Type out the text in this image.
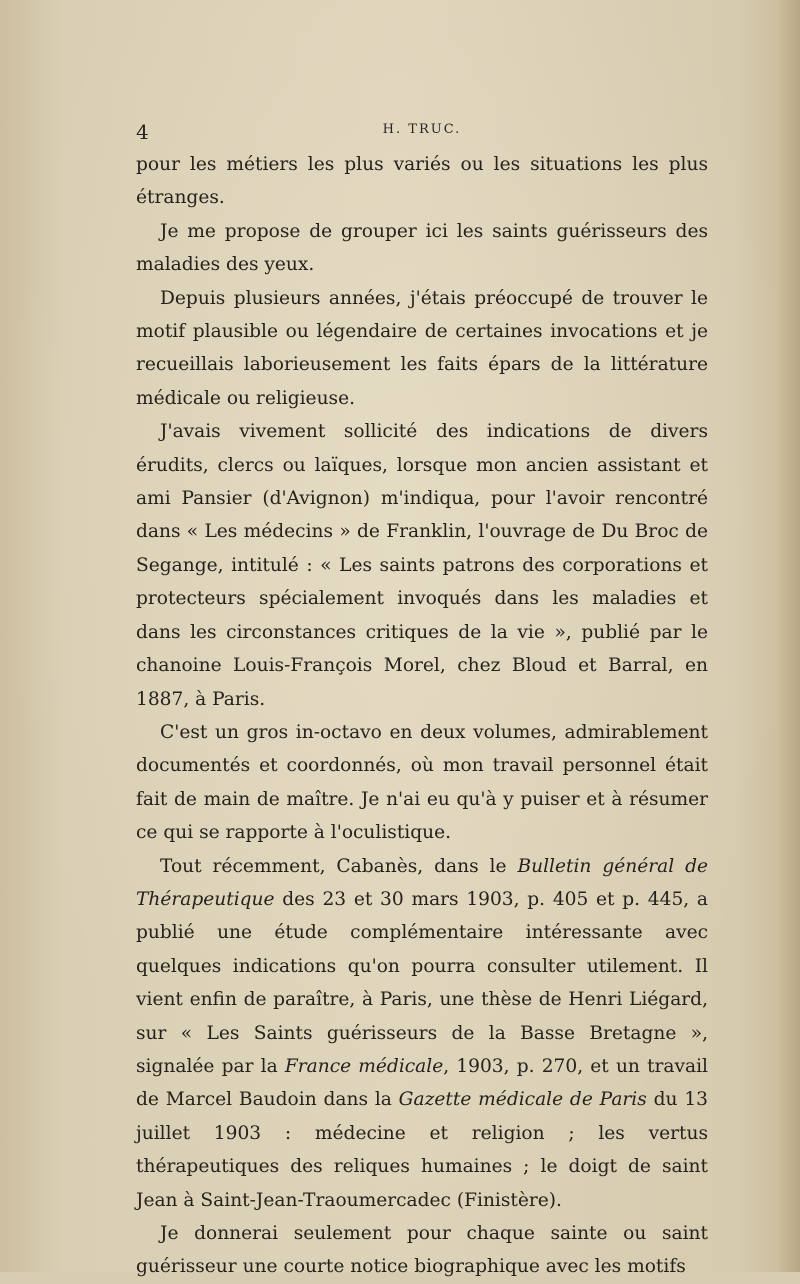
4	H. TRUC.

pour les métiers les plus variés ou les situations les plus étranges.

Je me propose de grouper ici les saints guérisseurs des maladies des yeux.

Depuis plusieurs années, j'étais préoccupé de trouver le motif plausible ou légendaire de certaines invocations et je recueillais laborieusement les faits épars de la littérature médicale ou religieuse.

J'avais vivement sollicité des indications de divers érudits, clercs ou laïques, lorsque mon ancien assistant et ami Pansier (d'Avignon) m'indiqua, pour l'avoir rencontré dans « Les médecins » de Franklin, l'ouvrage de Du Broc de Segange, intitulé : « Les saints patrons des corporations et protecteurs spécialement invoqués dans les maladies et dans les circonstances critiques de la vie », publié par le chanoine Louis-François Morel, chez Bloud et Barral, en 1887, à Paris.

C'est un gros in-octavo en deux volumes, admirablement documentés et coordonnés, où mon travail personnel était fait de main de maître. Je n'ai eu qu'à y puiser et à résumer ce qui se rapporte à l'oculistique.

Tout récemment, Cabanès, dans le Bulletin général de Thérapeutique des 23 et 30 mars 1903, p. 405 et p. 445, a publié une étude complémentaire intéressante avec quelques indications qu'on pourra consulter utilement. Il vient enfin de paraître, à Paris, une thèse de Henri Liégard, sur « Les Saints guérisseurs de la Basse Bretagne », signalée par la France médicale, 1903, p. 270, et un travail de Marcel Baudoin dans la Gazette médicale de Paris du 13 juillet 1903 : médecine et religion ; les vertus thérapeutiques des reliques humaines ; le doigt de saint Jean à Saint-Jean-Traoumercadec (Finistère).

Je donnerai seulement pour chaque sainte ou saint guérisseur une courte notice biographique avec les motifs
